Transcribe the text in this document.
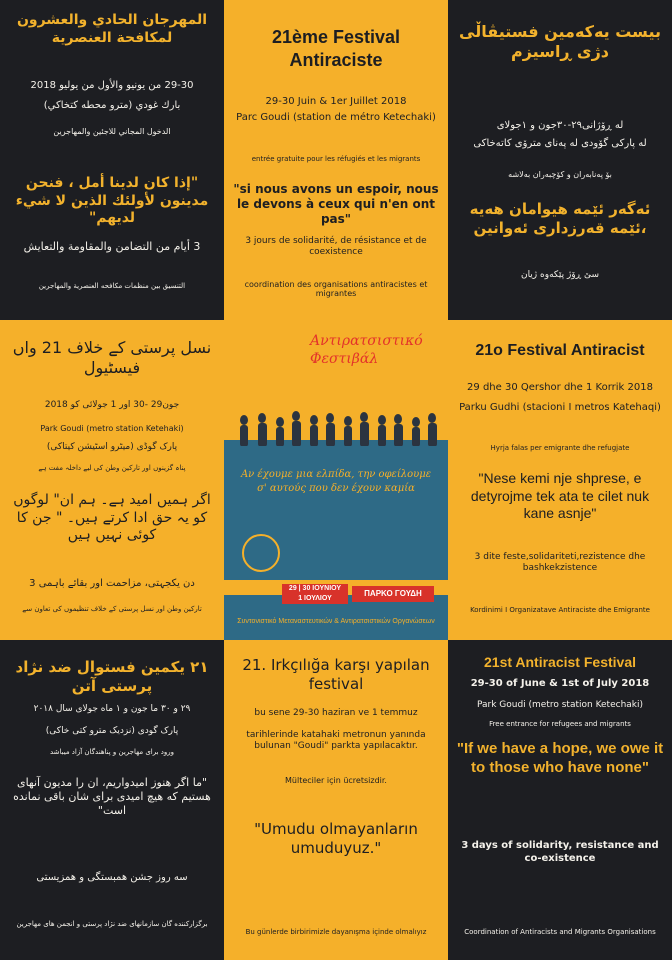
المهرجان الحادي والعشرون لمكافحة العنصرية

29-30 من يونيو والأول من يوليو 2018

بارك غودي (مترو محطه كتخاكي)

الدخول المجاني للاجئين والمهاجرين

"إذا كان لدينا أمل ، فنحن مدينون لأولئك الذين لا شيء لديهم"

3 أيام من التضامن والمقاومة والتعايش

التنسيق بين منظمات مكافحه العنصرية والمهاجرين

21ème Festival Antiraciste

29-30 Juin & 1er Juillet 2018

Parc Goudi (station de métro Ketechaki)

entrée gratuite pour les réfugiés et les migrants

"si nous avons un espoir, nous le devons à ceux qui n'en ont pas"

3 jours de solidarité, de résistance et de coexistence

coordination des organisations antiracistes et migrantes

بیست یەکەمین فستیڤاڵی دژی ڕاسیزم

لە ڕۆژانی٢٩-٣٠جون و ١جولای

لە پارکی گۆودی لە پەنای مترۆی کاتەخاکی

بۆ پەنابەران و کۆچبەران بەلاشە

ئەگەر ئێمە هیوامان هەیە ،ئێمە قەرزداری ئەوانین

سێ ڕۆژ پێکەوە ژیان

نسل پرستی کے خلاف 21 واں فیسٹیول

جون29 -30 اور 1 جولائی کو 2018

Park Goudi (metro station Ketehaki)

پارک گوڈی (میٹرو اسٹیشن کیتاکی)

پناہ گزینوں اور تارکین وطن کی لیے داخلہ مفت ہے

اگر ہمیں امید ہے۔ ہم ان" لوگوں کو یہ حق ادا کرتے ہیں۔ " جن کا کوئی نہیں ہیں

دن یکجہتی، مزاحمت اور بقائے باہمی 3

تارکین وطن اور نسل پرستی کے خلاف تنظیموں کی تعاون سے

21° Αντιρατσιστικό Φεστιβάλ
Αν έχουμε μια ελπίδα, την οφείλουμε σ' αυτούς που δεν έχουν καμία
29 | 30 ΙΟΥΝΙΟΥ
1 ΙΟΥΛΙΟΥ
ΠΑΡΚΟ ΓΟΥΔΗ
Συντονιστικό Μεταναστευτικών & Αντιρατσιστικών Οργανώσεων

21o Festival Antiracist

29 dhe 30 Qershor dhe 1 Korrik 2018

Parku Gudhi (stacioni I metros Katehaqi)

Hyrja falas per emigrante dhe refugjate

"Nese kemi nje shprese, e detyrojme tek ata te cilet nuk kane asnje"

3 dite feste,solidariteti,rezistence dhe bashkekzistence

Kordinimi I Organizatave Antiraciste dhe Emigrante

۲۱ یکمین فستوال ضد نژاد پرستی آتن

۲۹ و ۳۰ ما جون و ۱ ماه جولای سال ۲۰۱۸

پارک گودی (نزدیک مترو کتی خاکی)

ورود برای مهاجرین و پناهندگان آزاد میباشد

"ما اگر هنوز امیدواریم، ان را مدیون آنهای هستیم که هیچ امیدی برای شان باقی نمانده است"

سه روز جشن همبستگی و همزیستی

برگزارکننده گان سازمانهای ضد نژاد پرستی و انجمن های مهاجرین

21. Irkçılığa karşı yapılan festival

bu sene 29-30 haziran ve 1 temmuz

tarihlerinde katahaki metronun yanında bulunan "Goudi" parkta yapılacaktır.

Mülteciler için ücretsizdir.

"Umudu olmayanların umuduyuz."

Bu günlerde birbirimizle dayanışma içinde olmalıyız

21st Antiracist Festival

29-30 of June & 1st of July 2018

Park Goudi (metro station Ketechaki)

Free entrance for refugees and migrants

"If we have a hope, we owe it to those who have none"

3 days of solidarity, resistance and co-existence

Coordination of Antiracists and Migrants Organisations
